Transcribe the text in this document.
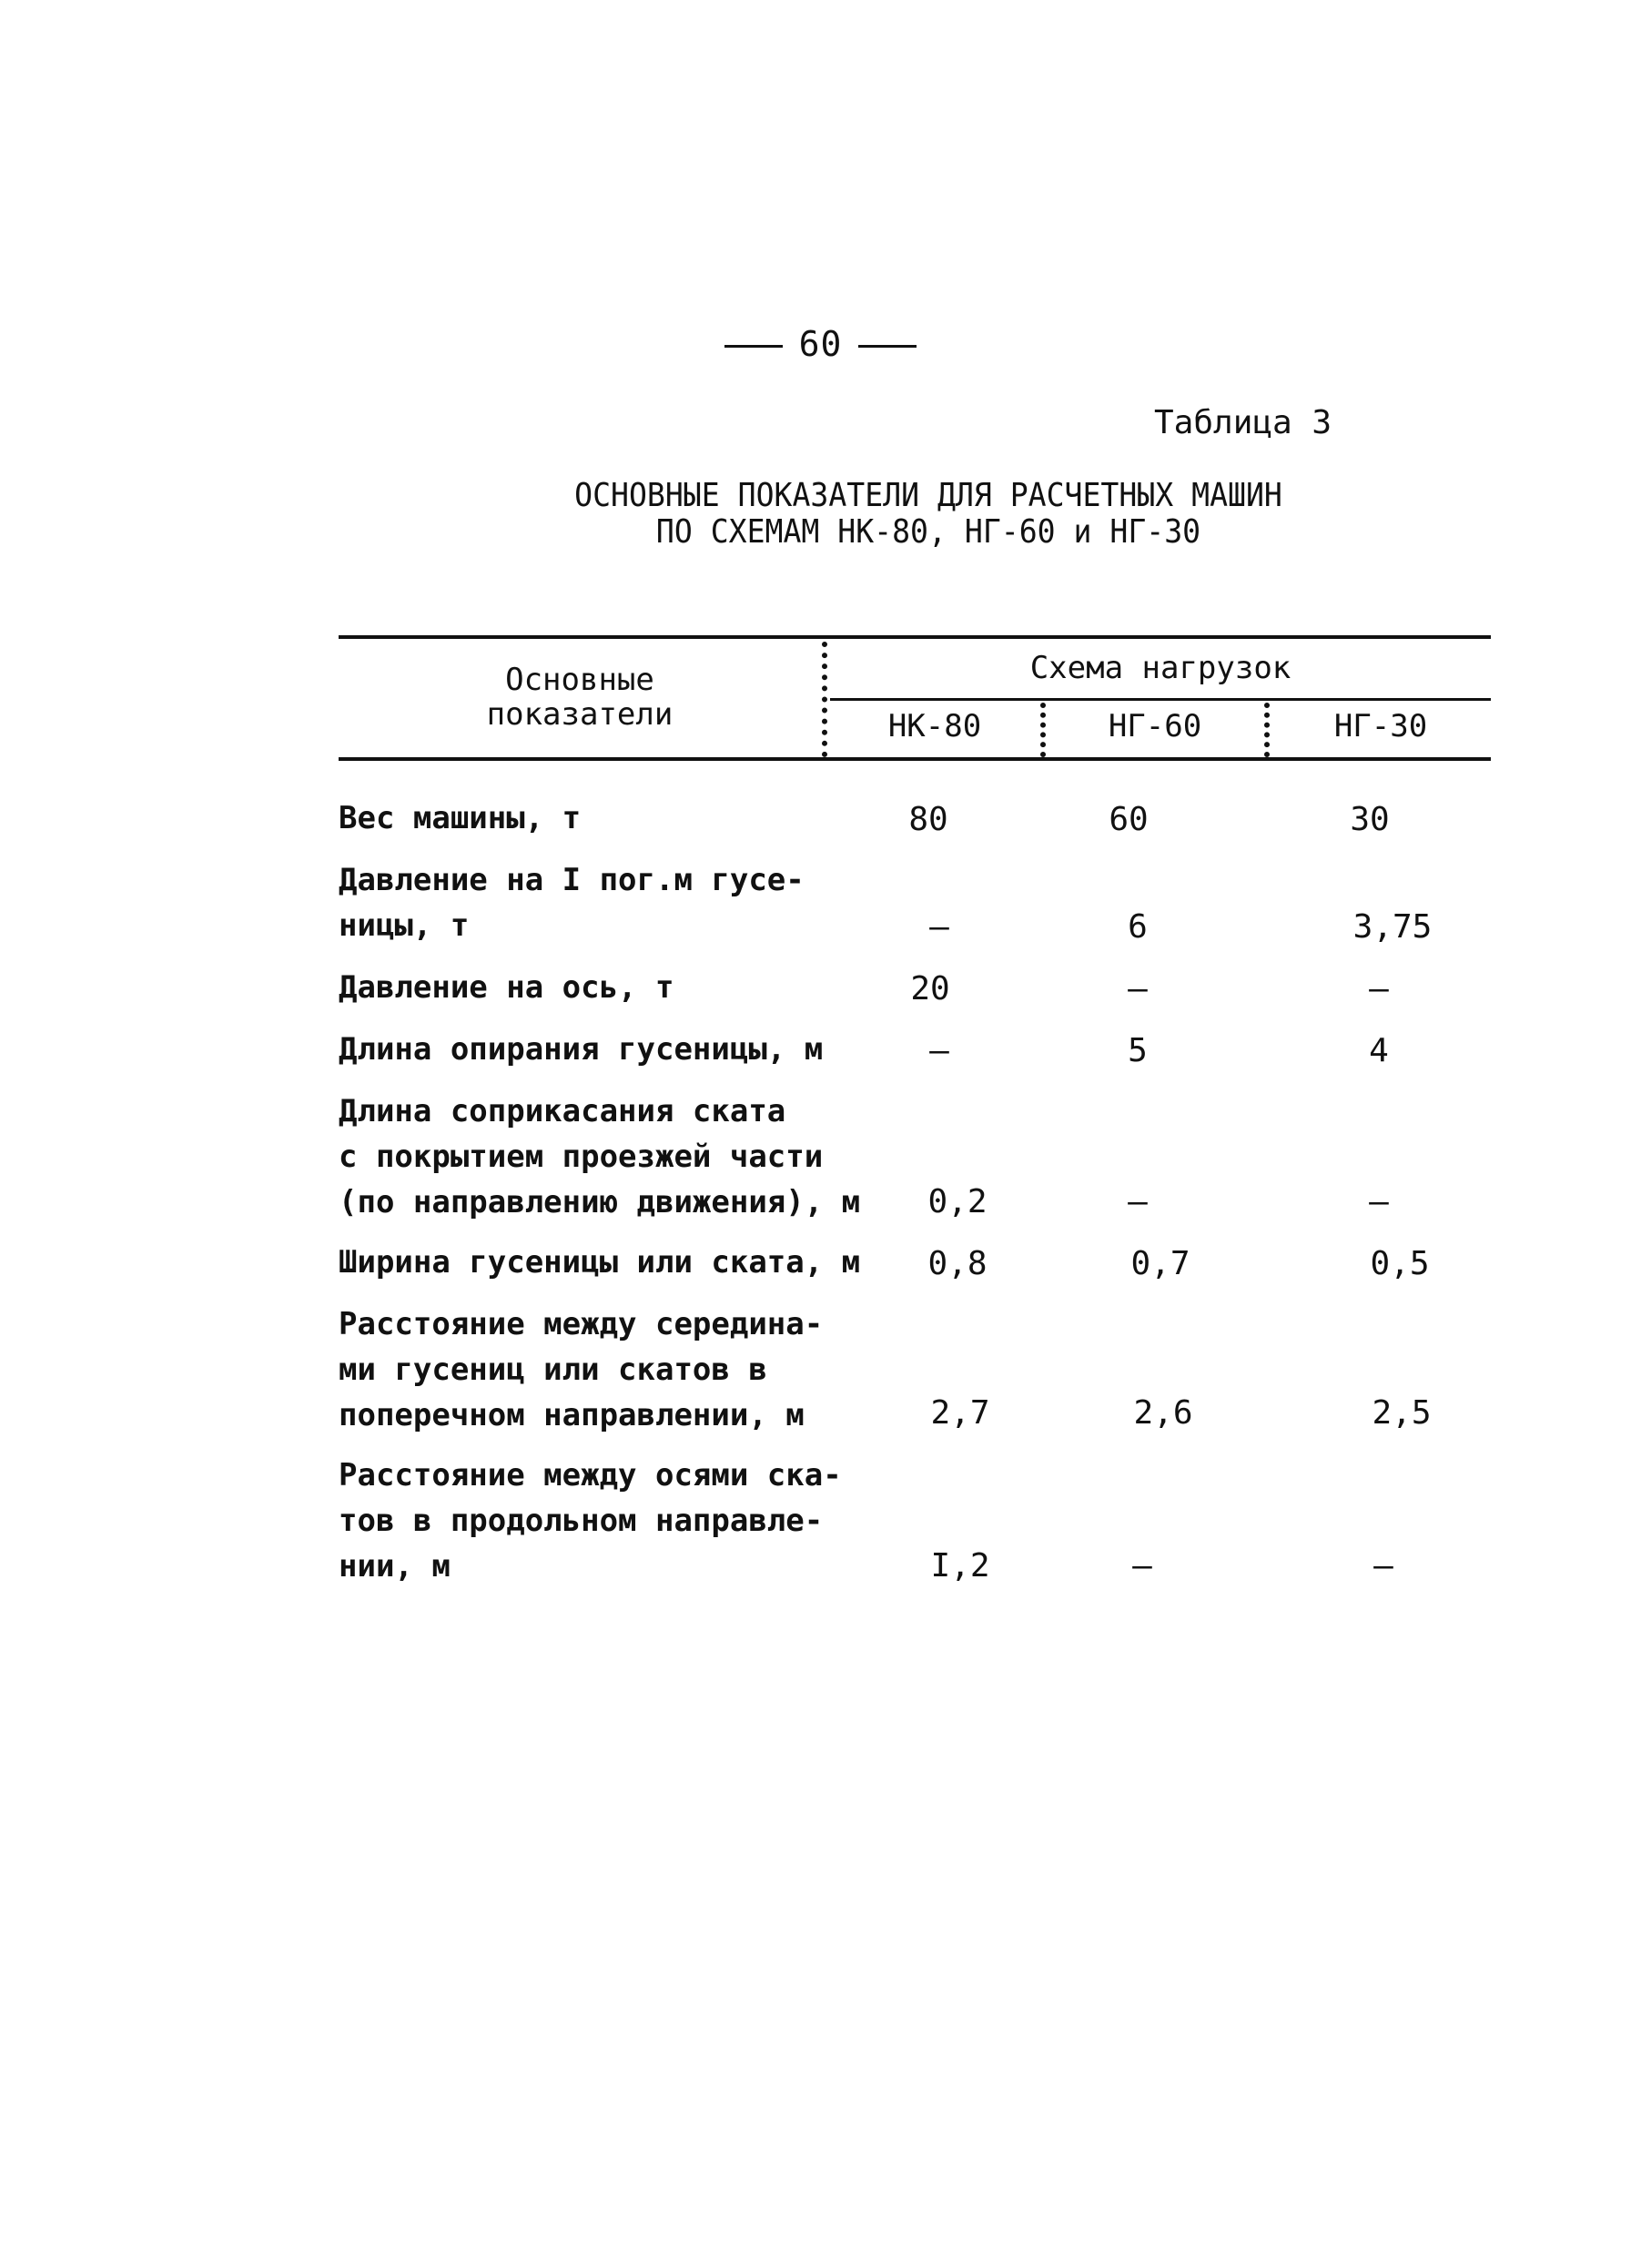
60
Таблица 3
ОСНОВНЫЕ ПОКАЗАТЕЛИ ДЛЯ РАСЧЕТНЫХ МАШИН
ПО СХЕМАМ НК-80, НГ-60 и НГ-30
Основные
показатели
Схема нагрузок
НК-80	НГ-60	НГ-30
Вес машины, т	80	60	30
Давление на I пог.м гусе-
ницы, т	–	6	3,75
Давление на ось, т	20	–	–
Длина опирания гусеницы, м	–	5	4
Длина соприкасания ската
с покрытием проезжей части
(по направлению движения), м	0,2	–	–
Ширина гусеницы или ската, м	0,8	0,7	0,5
Расстояние между середина-
ми гусениц или скатов в
поперечном направлении, м	2,7	2,6	2,5
Расстояние между осями ска-
тов в продольном направле-
нии, м	I,2	–	–
